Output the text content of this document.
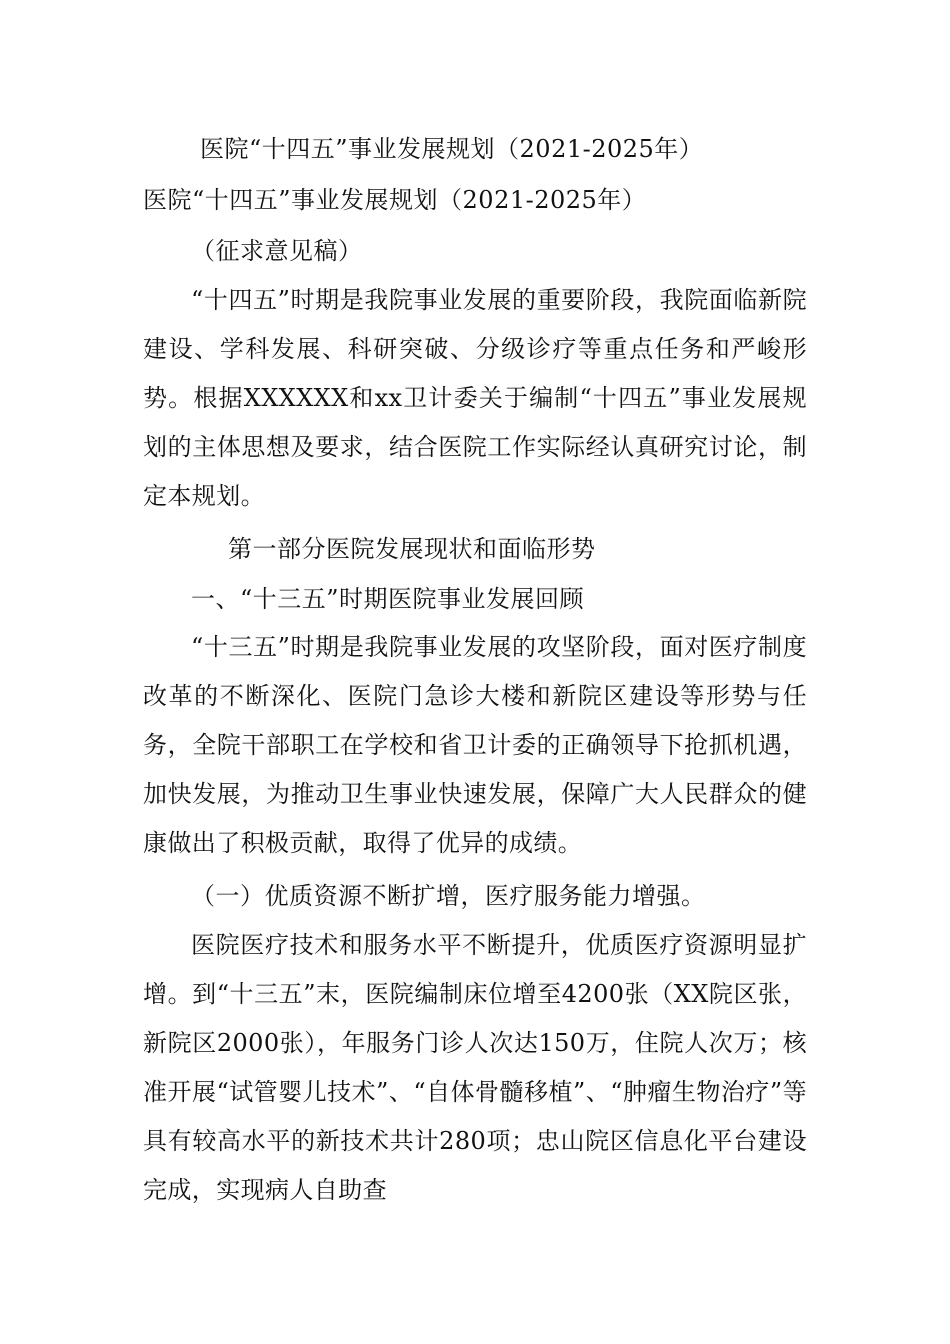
医院“十四五”事业发展规划（2021-2025年）
医院“十四五”事业发展规划（2021-2025年）
（征求意见稿）
“十四五”时期是我院事业发展的重要阶段，我院面临新院建设、学科发展、科研突破、分级诊疗等重点任务和严峻形势。根据XXXXXX和xx卫计委关于编制“十四五”事业发展规划的主体思想及要求，结合医院工作实际经认真研究讨论，制定本规划。
第一部分医院发展现状和面临形势
一、“十三五”时期医院事业发展回顾
“十三五”时期是我院事业发展的攻坚阶段，面对医疗制度改革的不断深化、医院门急诊大楼和新院区建设等形势与任务，全院干部职工在学校和省卫计委的正确领导下抢抓机遇，加快发展，为推动卫生事业快速发展，保障广大人民群众的健康做出了积极贡献，取得了优异的成绩。
（一）优质资源不断扩增，医疗服务能力增强。
医院医疗技术和服务水平不断提升，优质医疗资源明显扩增。到“十三五”末，医院编制床位增至4200张（XX院区张，新院区2000张），年服务门诊人次达150万，住院人次万；核准开展“试管婴儿技术”、“自体骨髓移植”、“肿瘤生物治疗”等具有较高水平的新技术共计280项；忠山院区信息化平台建设完成，实现病人自助查
